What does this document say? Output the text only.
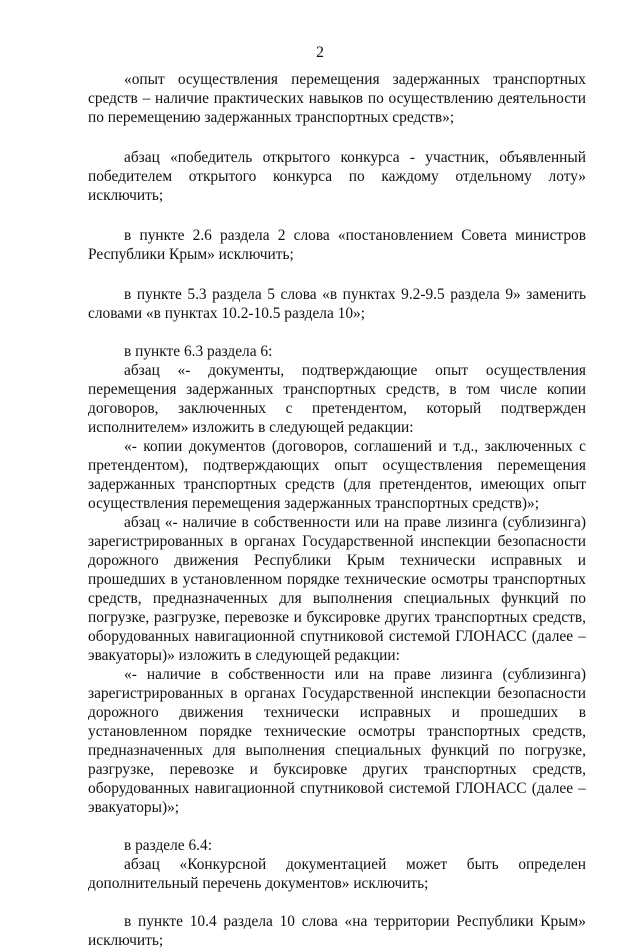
2

«опыт осуществления перемещения задержанных транспортных средств – наличие практических навыков по осуществлению деятельности по перемещению задержанных транспортных средств»;

абзац «победитель открытого конкурса - участник, объявленный победителем открытого конкурса по каждому отдельному лоту» исключить;

в пункте 2.6 раздела 2 слова «постановлением Совета министров Республики Крым» исключить;

в пункте 5.3 раздела 5 слова «в пунктах 9.2-9.5 раздела 9» заменить словами «в пунктах 10.2-10.5 раздела 10»;

в пункте 6.3 раздела 6:

абзац «- документы, подтверждающие опыт осуществления перемещения задержанных транспортных средств, в том числе копии договоров, заключенных с претендентом, который подтвержден исполнителем» изложить в следующей редакции:

«- копии документов (договоров, соглашений и т.д., заключенных с претендентом), подтверждающих опыт осуществления перемещения задержанных транспортных средств (для претендентов, имеющих опыт осуществления перемещения задержанных транспортных средств)»;

абзац «- наличие в собственности или на праве лизинга (сублизинга) зарегистрированных в органах Государственной инспекции безопасности дорожного движения Республики Крым технически исправных и прошедших в установленном порядке технические осмотры транспортных средств, предназначенных для выполнения специальных функций по погрузке, разгрузке, перевозке и буксировке других транспортных средств, оборудованных навигационной спутниковой системой ГЛОНАСС (далее – эвакуаторы)» изложить в следующей редакции:

«- наличие в собственности или на праве лизинга (сублизинга) зарегистрированных в органах Государственной инспекции безопасности дорожного движения технически исправных и прошедших в установленном порядке технические осмотры транспортных средств, предназначенных для выполнения специальных функций по погрузке, разгрузке, перевозке и буксировке других транспортных средств, оборудованных навигационной спутниковой системой ГЛОНАСС (далее – эвакуаторы)»;

в разделе 6.4:

абзац «Конкурсной документацией может быть определен дополнительный перечень документов» исключить;

в пункте 10.4 раздела 10 слова «на территории Республики Крым» исключить;
